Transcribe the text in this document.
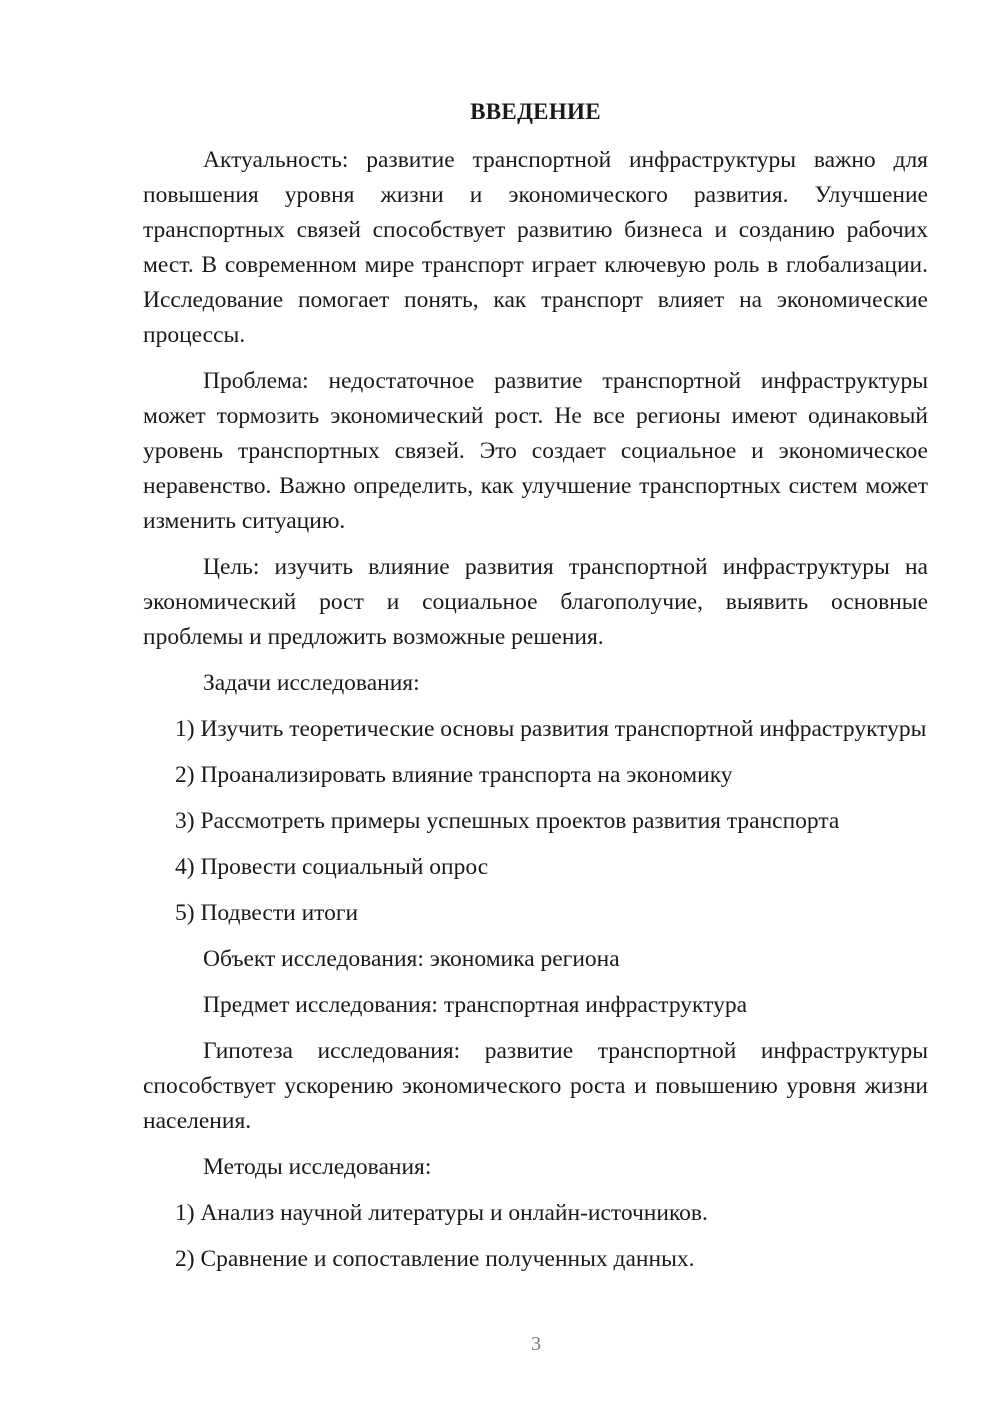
ВВЕДЕНИЕ

Актуальность: развитие транспортной инфраструктуры важно для повышения уровня жизни и экономического развития. Улучшение транспортных связей способствует развитию бизнеса и созданию рабочих мест. В современном мире транспорт играет ключевую роль в глобализации. Исследование помогает понять, как транспорт влияет на экономические процессы.

Проблема: недостаточное развитие транспортной инфраструктуры может тормозить экономический рост. Не все регионы имеют одинаковый уровень транспортных связей. Это создает социальное и экономическое неравенство. Важно определить, как улучшение транспортных систем может изменить ситуацию.

Цель: изучить влияние развития транспортной инфраструктуры на экономический рост и социальное благополучие, выявить основные проблемы и предложить возможные решения.

Задачи исследования:

1) Изучить теоретические основы развития транспортной инфраструктуры

2) Проанализировать влияние транспорта на экономику

3) Рассмотреть примеры успешных проектов развития транспорта

4) Провести социальный опрос

5) Подвести итоги

Объект исследования: экономика региона

Предмет исследования: транспортная инфраструктура

Гипотеза исследования: развитие транспортной инфраструктуры способствует ускорению экономического роста и повышению уровня жизни населения.

Методы исследования:

1) Анализ научной литературы и онлайн-источников.

2) Сравнение и сопоставление полученных данных.

3
